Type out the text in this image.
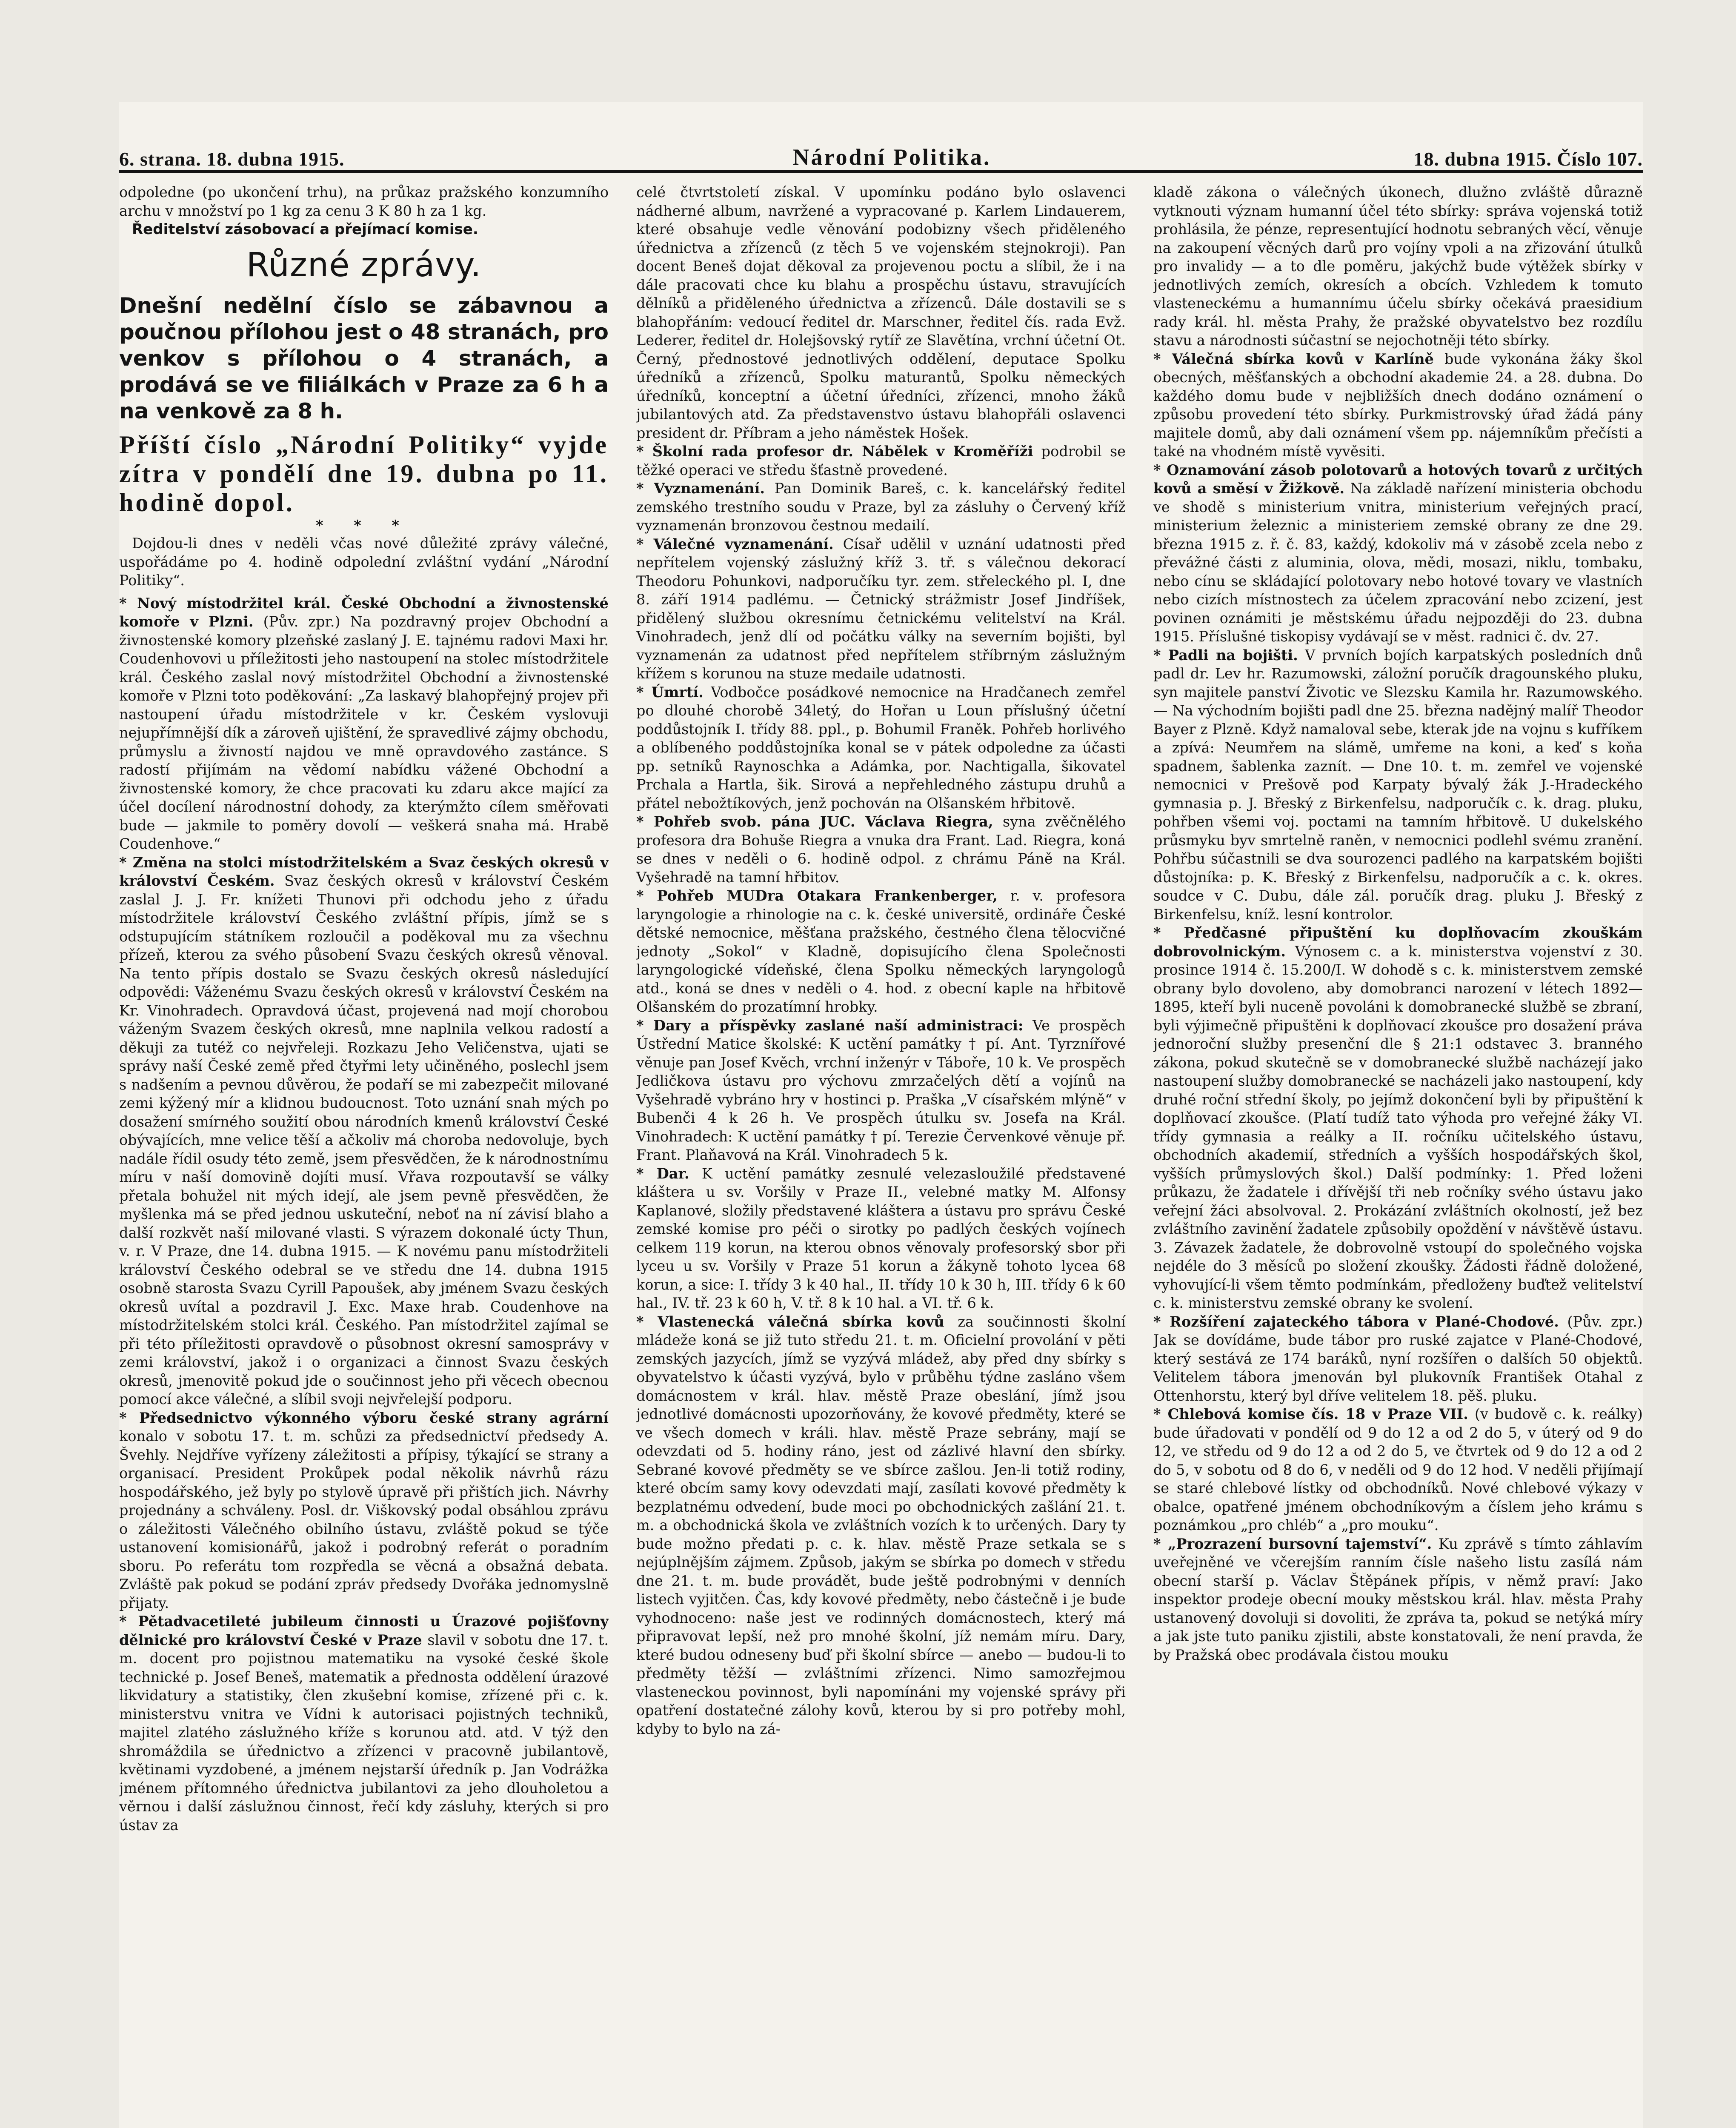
6. strana. 18. dubna 1915.	Národní Politika.	18. dubna 1915. Číslo 107.

odpoledne (po ukončení trhu), na průkaz pražského konzumního archu v množství po 1 kg za cenu 3 K 80 h za 1 kg.

Ředitelství zásobovací a přejímací komise.

Různé zprávy.
Dnešní nedělní číslo se zábavnou a poučnou přílohou jest o 48 stranách, pro venkov s přílohou o 4 stranách, a prodává se ve filiálkách v Praze za 6 h a na venkově za 8 h.
Příští číslo „Národní Politiky“ vyjde zítra v pondělí dne 19. dubna po 11. hodině dopol.
* * *

Dojdou-li dnes v neděli včas nové důležité zprávy válečné, uspořádáme po 4. hodině odpolední zvláštní vydání „Národní Politiky“.

* Nový místodržitel král. České Obchodní a živnostenské komoře v Plzni. (Pův. zpr.) Na pozdravný projev Obchodní a živnostenské komory plzeňské zaslaný J. E. tajnému radovi Maxi hr. Coudenhovovi u příležitosti jeho nastoupení na stolec místodržitele král. Českého zaslal nový místodržitel Obchodní a živnostenské komoře v Plzni toto poděkování: „Za laskavý blahopřejný projev při nastoupení úřadu místodržitele v kr. Českém vyslovuji nejupřímnější dík a zároveň ujištění, že spravedlivé zájmy obchodu, průmyslu a živností najdou ve mně opravdového zastánce. S radostí přijímám na vědomí nabídku vážené Obchodní a živnostenské komory, že chce pracovati ku zdaru akce mající za účel docílení národnostní dohody, za kterýmžto cílem směřovati bude — jakmile to poměry dovolí — veškerá snaha má. Hrabě Coudenhove.“

* Změna na stolci místodržitelském a Svaz českých okresů v království Českém. Svaz českých okresů v království Českém zaslal J. J. Fr. knížeti Thunovi při odchodu jeho z úřadu místodržitele království Českého zvláštní přípis, jímž se s odstupujícím státníkem rozloučil a poděkoval mu za všechnu přízeň, kterou za svého působení Svazu českých okresů věnoval. Na tento přípis dostalo se Svazu českých okresů následující odpovědi: Váženému Svazu českých okresů v království Českém na Kr. Vinohradech. Opravdová účast, projevená nad mojí chorobou váženým Svazem českých okresů, mne naplnila velkou radostí a děkuji za tutéž co nejvřeleji. Rozkazu Jeho Veličenstva, ujati se správy naší České země před čtyřmi lety učiněného, poslechl jsem s nadšením a pevnou důvěrou, že podaří se mi zabezpečit milované zemi kýžený mír a klidnou budoucnost. Toto uznání snah mých po dosažení smírného soužití obou národních kmenů království České obývajících, mne velice těší a ačkoliv má choroba nedovoluje, bych nadále řídil osudy této země, jsem přesvědčen, že k národnostnímu míru v naší domovině dojíti musí. Vřava rozpoutavší se války přetala bohužel nit mých idejí, ale jsem pevně přesvědčen, že myšlenka má se před jednou uskuteční, neboť na ní závisí blaho a další rozkvět naší milované vlasti. S výrazem dokonalé úcty Thun, v. r. V Praze, dne 14. dubna 1915. — K novému panu místodržiteli království Českého odebral se ve středu dne 14. dubna 1915 osobně starosta Svazu Cyrill Papoušek, aby jménem Svazu českých okresů uvítal a pozdravil J. Exc. Maxe hrab. Coudenhove na místodržitelském stolci král. Českého. Pan místodržitel zajímal se při této příležitosti opravdově o působnost okresní samosprávy v zemi království, jakož i o organizaci a činnost Svazu českých okresů, jmenovitě pokud jde o součinnost jeho při věcech obecnou pomocí akce válečné, a slíbil svoji nejvřelejší podporu.

* Předsednictvo výkonného výboru české strany agrární konalo v sobotu 17. t. m. schůzi za předsednictví předsedy A. Švehly. Nejdříve vyřízeny záležitosti a přípisy, týkající se strany a organisací. President Prokůpek podal několik návrhů rázu hospodářského, jež byly po stylově úpravě při přištích jich. Návrhy projednány a schváleny. Posl. dr. Viškovský podal obsáhlou zprávu o záležitosti Válečného obilního ústavu, zvláště pokud se týče ustanovení komisionářů, jakož i podrobný referát o poradním sboru. Po referátu tom rozpředla se věcná a obsažná debata. Zvláště pak pokud se podání zpráv předsedy Dvořáka jednomyslně přijaty.

* Pětadvacetileté jubileum činnosti u Úrazové pojišťovny dělnické pro království České v Praze slavil v sobotu dne 17. t. m. docent pro pojistnou matematiku na vysoké české škole technické p. Josef Beneš, matematik a přednosta oddělení úrazové likvidatury a statistiky, člen zkušební komise, zřízené při c. k. ministerstvu vnitra ve Vídni k autorisaci pojistných techniků, majitel zlatého záslužného kříže s korunou atd. atd. V týž den shromáždila se úřednictvo a zřízenci v pracovně jubilantově, květinami vyzdobené, a jménem nejstarší úředník p. Jan Vodrážka jménem přítomného úřednictva jubilantovi za jeho dlouholetou a věrnou i další záslužnou činnost, řečí kdy zásluhy, kterých si pro ústav za

celé čtvrtstoletí získal. V upomínku podáno bylo oslavenci nádherné album, navržené a vypracované p. Karlem Lindauerem, které obsahuje vedle věnování podobizny všech přiděleného úřednictva a zřízenců (z těch 5 ve vojenském stejnokroji). Pan docent Beneš dojat děkoval za projevenou poctu a slíbil, že i na dále pracovati chce ku blahu a prospěchu ústavu, stravujících dělníků a přiděleného úřednictva a zřízenců. Dále dostavili se s blahopřáním: vedoucí ředitel dr. Marschner, ředitel čís. rada Evž. Lederer, ředitel dr. Holejšovský rytíř ze Slavětína, vrchní účetní Ot. Černý, přednostové jednotlivých oddělení, deputace Spolku úředníků a zřízenců, Spolku maturantů, Spolku německých úředníků, konceptní a účetní úředníci, zřízenci, mnoho žáků jubilantových atd. Za představenstvo ústavu blahopřáli oslavenci president dr. Příbram a jeho náměstek Hošek.

* Školní rada profesor dr. Nábělek v Kroměříži podrobil se těžké operaci ve středu šťastně provedené.

* Vyznamenání. Pan Dominik Bareš, c. k. kancelářský ředitel zemského trestního soudu v Praze, byl za zásluhy o Červený kříž vyznamenán bronzovou čestnou medailí.

* Válečné vyznamenání. Císař udělil v uznání udatnosti před nepřítelem vojenský záslužný kříž 3. tř. s válečnou dekorací Theodoru Pohunkovi, nadporučíku tyr. zem. střeleckého pl. I, dne 8. září 1914 padlému. — Četnický strážmistr Josef Jindříšek, přidělený službou okresnímu četnickému velitelství na Král. Vinohradech, jenž dlí od počátku války na severním bojišti, byl vyznamenán za udatnost před nepřítelem stříbrným záslužným křížem s korunou na stuze medaile udatnosti.

* Úmrtí. Vodbočce posádkové nemocnice na Hradčanech zemřel po dlouhé chorobě 34letý, do Hořan u Loun příslušný účetní poddůstojník I. třídy 88. ppl., p. Bohumil Franěk. Pohřeb horlivého a oblíbeného poddůstojníka konal se v pátek odpoledne za účasti pp. setníků Raynoschka a Adámka, por. Nachtigalla, šikovatel Prchala a Hartla, šik. Sirová a nepřehledného zástupu druhů a přátel nebožtíkových, jenž pochován na Olšanském hřbitově.

* Pohřeb svob. pána JUC. Václava Riegra, syna zvěčnělého profesora dra Bohuše Riegra a vnuka dra Frant. Lad. Riegra, koná se dnes v neděli o 6. hodině odpol. z chrámu Páně na Král. Vyšehradě na tamní hřbitov.

* Pohřeb MUDra Otakara Frankenberger, r. v. profesora laryngologie a rhinologie na c. k. české universitě, ordináře České dětské nemocnice, měšťana pražského, čestného člena tělocvičné jednoty „Sokol“ v Kladně, dopisujícího člena Společnosti laryngologické vídeňské, člena Spolku německých laryngologů atd., koná se dnes v neděli o 4. hod. z obecní kaple na hřbitově Olšanském do prozatímní hrobky.

* Dary a příspěvky zaslané naší administraci: Ve prospěch Ústřední Matice školské: K uctění památky † pí. Ant. Tyrznířové věnuje pan Josef Kvěch, vrchní inženýr v Táboře, 10 k. Ve prospěch Jedličkova ústavu pro výchovu zmrzačelých dětí a vojínů na Vyšehradě vybráno hry v hostinci p. Praška „V císařském mlýně“ v Bubenči 4 k 26 h. Ve prospěch útulku sv. Josefa na Král. Vinohradech: K uctění památky † pí. Terezie Červenkové věnuje př. Frant. Plaňavová na Král. Vinohradech 5 k.

* Dar. K uctění památky zesnulé velezasloužilé představené kláštera u sv. Voršily v Praze II., velebné matky M. Alfonsy Kaplanové, složily představené kláštera a ústavu pro správu České zemské komise pro péči o sirotky po padlých českých vojínech celkem 119 korun, na kterou obnos věnovaly profesorský sbor při lyceu u sv. Voršily v Praze 51 korun a žákyně tohoto lycea 68 korun, a sice: I. třídy 3 k 40 hal., II. třídy 10 k 30 h, III. třídy 6 k 60 hal., IV. tř. 23 k 60 h, V. tř. 8 k 10 hal. a VI. tř. 6 k.

* Vlastenecká válečná sbírka kovů za součinnosti školní mládeže koná se již tuto středu 21. t. m. Oficielní provolání v pěti zemských jazycích, jímž se vyzývá mládež, aby před dny sbírky s obyvatelstvo k účasti vyzývá, bylo v průběhu týdne zasláno všem domácnostem v král. hlav. městě Praze obeslání, jímž jsou jednotlivé domácnosti upozorňovány, že kovové předměty, které se ve všech domech v králi. hlav. městě Praze sebrány, mají se odevzdati od 5. hodiny ráno, jest od zázlivé hlavní den sbírky. Sebrané kovové předměty se ve sbírce zašlou. Jen-li totiž rodiny, které obcím samy kovy odevzdati mají, zasílati kovové předměty k bezplatnému odvedení, bude moci po obchodnických zašlání 21. t. m. a obchodnická škola ve zvláštních vozích k to určených. Dary ty bude možno předati p. c. k. hlav. městě Praze setkala se s nejúplnějším zájmem. Způsob, jakým se sbírka po domech v středu dne 21. t. m. bude provádět, bude ještě podrobnými v denních listech vyjitčen. Čas, kdy kovové předměty, nebo částečně i je bude vyhodnoceno: naše jest ve rodinných domácnostech, který má připravovat lepší, než pro mnohé školní, jíž nemám míru. Dary, které budou odneseny buď při školní sbírce — anebo — budou-li to předměty těžší — zvláštními zřízenci. Nimo samozřejmou vlasteneckou povinnost, byli napomínáni my vojenské správy při opatření dostatečné zálohy kovů, kterou by si pro potřeby mohl, kdyby to bylo na zá-

kladě zákona o válečných úkonech, dlužno zvláště důrazně vytknouti význam humanní účel této sbírky: správa vojenská totiž prohlásila, že pénze, representující hodnotu sebraných věcí, věnuje na zakoupení věcných darů pro vojíny vpoli a na zřizování útulků pro invalidy — a to dle poměru, jakýchž bude výtěžek sbírky v jednotlivých zemích, okresích a obcích. Vzhledem k tomuto vlasteneckému a humannímu účelu sbírky očekává praesidium rady král. hl. města Prahy, že pražské obyvatelstvo bez rozdílu stavu a národnosti súčastní se nejochotněji této sbírky.

* Válečná sbírka kovů v Karlíně bude vykonána žáky škol obecných, měšťanských a obchodní akademie 24. a 28. dubna. Do každého domu bude v nejbližších dnech dodáno oznámení o způsobu provedení této sbírky. Purkmistrovský úřad žádá pány majitele domů, aby dali oznámení všem pp. nájemníkům přečísti a také na vhodném místě vyvěsiti.

* Oznamování zásob polotovarů a hotových tovarů z určitých kovů a směsí v Žižkově. Na základě nařízení ministeria obchodu ve shodě s ministerium vnitra, ministerium veřejných prací, ministerium železnic a ministeriem zemské obrany ze dne 29. března 1915 z. ř. č. 83, každý, kdokoliv má v zásobě zcela nebo z převážné části z aluminia, olova, mědi, mosazi, niklu, tombaku, nebo cínu se skládající polotovary nebo hotové tovary ve vlastních nebo cizích místnostech za účelem zpracování nebo zcizení, jest povinen oznámiti je městskému úřadu nejpozději do 23. dubna 1915. Příslušné tiskopisy vydávají se v měst. radnici č. dv. 27.

* Padli na bojišti. V prvních bojích karpatských posledních dnů padl dr. Lev hr. Razumowski, záložní poručík dragounského pluku, syn majitele panství Životic ve Slezsku Kamila hr. Razumowského. — Na východním bojišti padl dne 25. března nadějný malíř Theodor Bayer z Plzně. Když namaloval sebe, kterak jde na vojnu s kufříkem a zpívá: Neumřem na slámě, umřeme na koni, a keď s koňa spadnem, šablenka zaznít. — Dne 10. t. m. zemřel ve vojenské nemocnici v Prešově pod Karpaty bývalý žák J.-Hradeckého gymnasia p. J. Břeský z Birkenfelsu, nadporučík c. k. drag. pluku, pohřben všemi voj. poctami na tamním hřbitově. U dukelského průsmyku byv smrtelně raněn, v nemocnici podlehl svému zranění. Pohřbu súčastnili se dva sourozenci padlého na karpatském bojišti důstojníka: p. K. Břeský z Birkenfelsu, nadporučík a c. k. okres. soudce v C. Dubu, dále zál. poručík drag. pluku J. Břeský z Birkenfelsu, kníž. lesní kontrolor.

* Předčasné připuštění ku doplňovacím zkouškám dobrovolnickým. Výnosem c. a k. ministerstva vojenství z 30. prosince 1914 č. 15.200/I. W dohodě s c. k. ministerstvem zemské obrany bylo dovoleno, aby domobranci narození v létech 1892—1895, kteří byli nuceně povoláni k domobranecké službě se zbraní, byli výjimečně připuštěni k doplňovací zkoušce pro dosažení práva jednoroční služby presenční dle § 21:1 odstavec 3. branného zákona, pokud skutečně se v domobranecké službě nacházejí jako nastoupení služby domobranecké se nacházeli jako nastoupení, kdy druhé roční střední školy, po jejímž dokončení byli by připuštění k doplňovací zkoušce. (Platí tudíž tato výhoda pro veřejné žáky VI. třídy gymnasia a reálky a II. ročníku učitelského ústavu, obchodních akademií, středních a vyšších hospodářských škol, vyšších průmyslových škol.) Další podmínky: 1. Před loženi průkazu, že žadatele i dřívější tři neb ročníky svého ústavu jako veřejní žáci absolvoval. 2. Prokázání zvláštních okolností, jež bez zvláštního zavinění žadatele způsobily opoždění v návštěvě ústavu. 3. Závazek žadatele, že dobrovolně vstoupí do společného vojska nejdéle do 3 měsíců po složení zkoušky. Žádosti řádně doložené, vyhovující-li všem těmto podmínkám, předloženy buďtež velitelství c. k. ministerstvu zemské obrany ke svolení.

* Rozšíření zajateckého tábora v Plané-Chodové. (Pův. zpr.) Jak se dovídáme, bude tábor pro ruské zajatce v Plané-Chodové, který sestává ze 174 baráků, nyní rozšířen o dalších 50 objektů. Velitelem tábora jmenován byl plukovník František Otahal z Ottenhorstu, který byl dříve velitelem 18. pěš. pluku.

* Chlebová komise čís. 18 v Praze VII. (v budově c. k. reálky) bude úřadovati v pondělí od 9 do 12 a od 2 do 5, v úterý od 9 do 12, ve středu od 9 do 12 a od 2 do 5, ve čtvrtek od 9 do 12 a od 2 do 5, v sobotu od 8 do 6, v neděli od 9 do 12 hod. V neděli přijímají se staré chlebové lístky od obchodníků. Nové chlebové výkazy v obalce, opatřené jménem obchodníkovým a číslem jeho krámu s poznámkou „pro chléb“ a „pro mouku“.

* „Prozrazení bursovní tajemství“. Ku zprávě s tímto záhlavím uveřejněné ve včerejším ranním čísle našeho listu zasílá nám obecní starší p. Václav Štěpánek přípis, v němž praví: Jako inspektor prodeje obecní mouky městskou král. hlav. města Prahy ustanovený dovoluji si dovoliti, že zpráva ta, pokud se netýká míry a jak jste tuto paniku zjistili, abste konstatovali, že není pravda, že by Pražská obec prodávala čistou mouku
